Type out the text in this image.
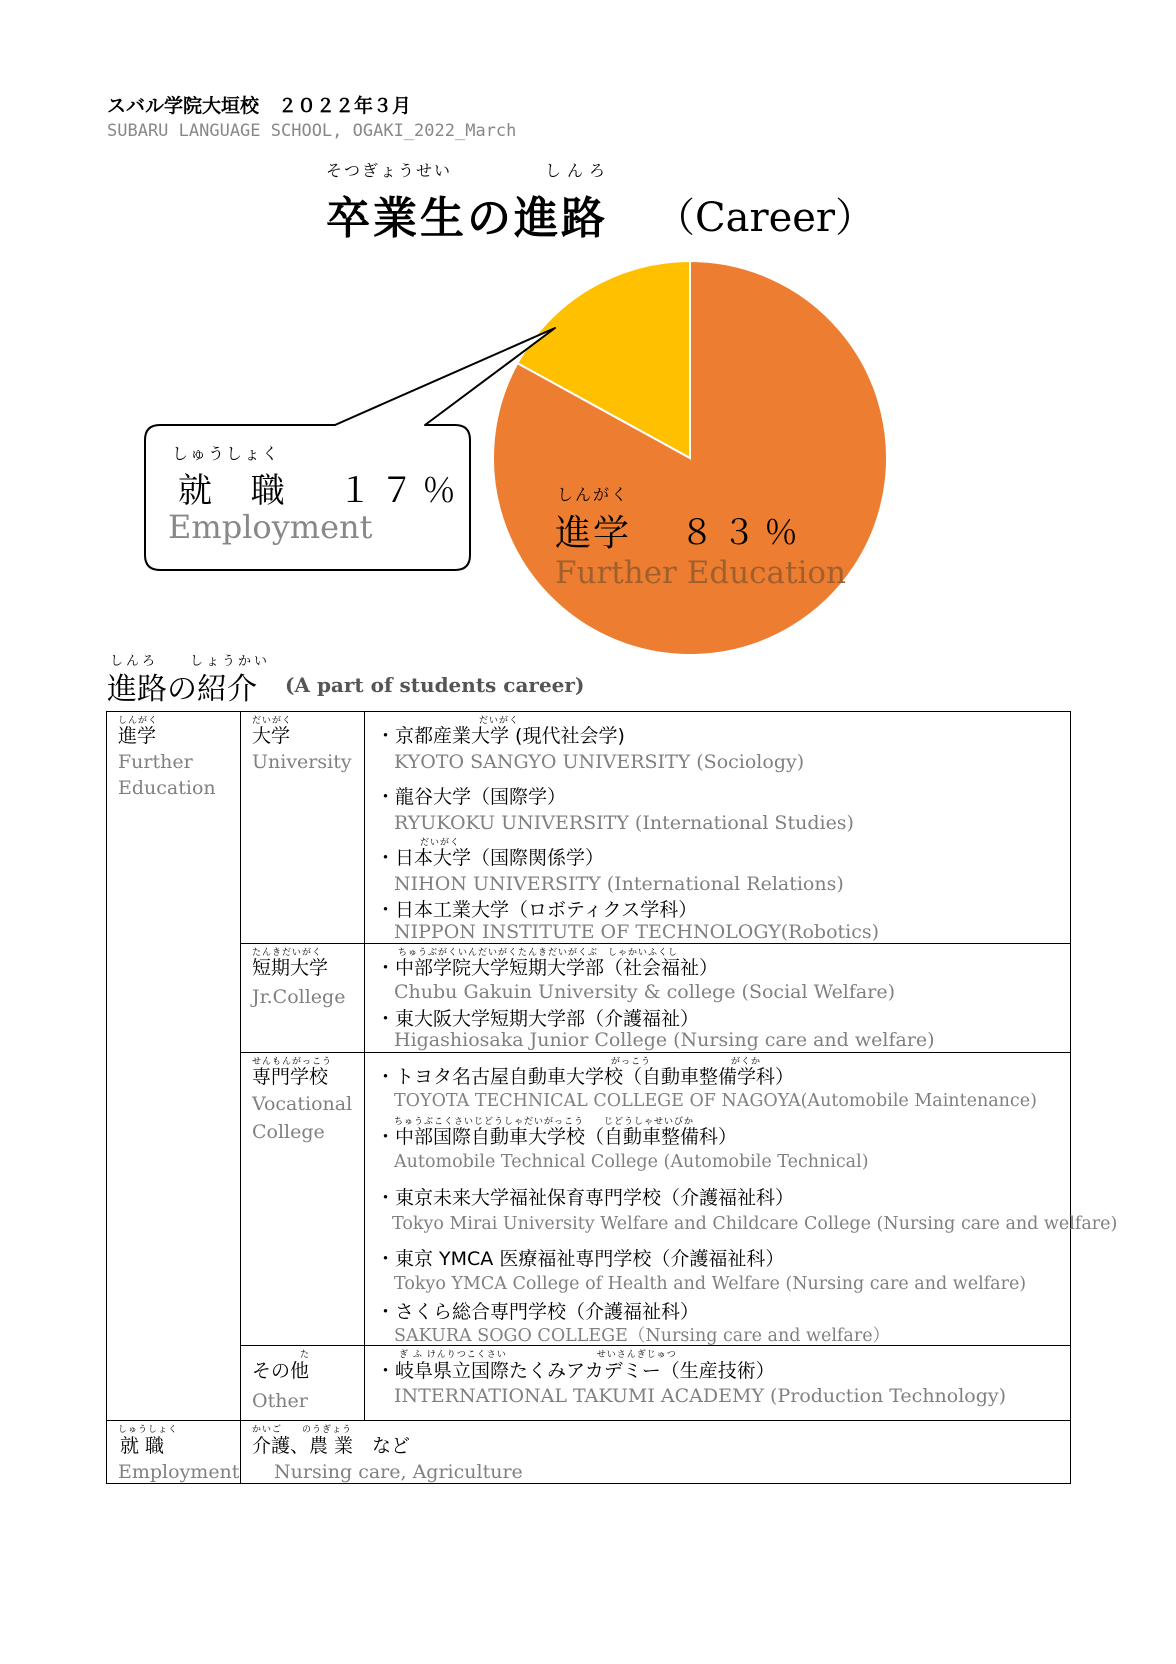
スバル学院大垣校　２０２２年３月
SUBARU LANGUAGE SCHOOL, OGAKI_2022_March
そつぎょうせい	しんろ
卒業生の進路 （Career）
しゅうしょく
就 職 １７％
Employment
しんがく
進学 ８３％
Further Education
しんろ　　しょうかい
進路の紹介 (A part of students career)
しんがく
進学
Further
Education
だいがく
大学
University
だいがく
・京都産業大学 (現代社会学)
KYOTO SANGYO UNIVERSITY (Sociology)
・龍谷大学（国際学）
RYUKOKU UNIVERSITY (International Studies)
だいがく
・日本大学（国際関係学）
NIHON UNIVERSITY (International Relations)
・日本工業大学（ロボティクス学科）
NIPPON INSTITUTE OF TECHNOLOGY(Robotics)
たんきだいがく
短期大学
Jr.College
ちゅうぶがくいんだいがくたんきだいがくぶ　しゃかいふくし
・中部学院大学短期大学部（社会福祉）
Chubu Gakuin University & college (Social Welfare)
・東大阪大学短期大学部（介護福祉）
Higashiosaka Junior College (Nursing care and welfare)
せんもんがっこう
専門学校
Vocational
College
がっこう　　　　　　　　がくか
・トヨタ名古屋自動車大学校（自動車整備学科）
TOYOTA TECHNICAL COLLEGE OF NAGOYA(Automobile Maintenance)
ちゅうぶこくさいじどうしゃだいがっこう　　じどうしゃせいびか
・中部国際自動車大学校（自動車整備科）
Automobile Technical College (Automobile Technical)
・東京未来大学福祉保育専門学校（介護福祉科）
Tokyo Mirai University Welfare and Childcare College (Nursing care and welfare)
・東京 YMCA 医療福祉専門学校（介護福祉科）
Tokyo YMCA College of Health and Welfare (Nursing care and welfare)
・さくら総合専門学校（介護福祉科）
SAKURA SOGO COLLEGE（Nursing care and welfare）
た
その他
Other
ぎ ふ けんりつこくさい　　　　　　　　　せいさんぎじゅつ
・岐阜県立国際たくみアカデミー（生産技術）
INTERNATIONAL TAKUMI ACADEMY (Production Technology)
しゅうしょく
就 職
Employment
かいご　　のうぎょう
介護、農 業　など
Nursing care, Agriculture
